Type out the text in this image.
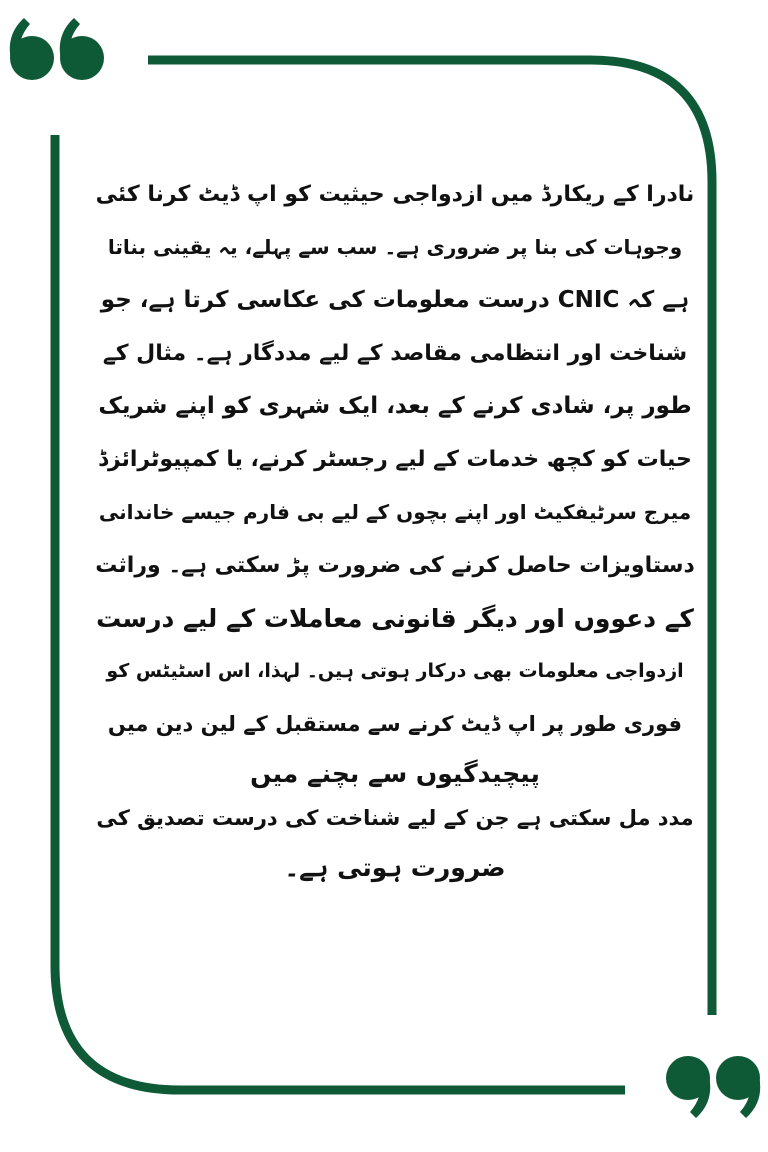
نادرا کے ریکارڈ میں ازدواجی حیثیت کو اپ ڈیٹ کرنا کئی
وجوہات کی بنا پر ضروری ہے۔ سب سے پہلے، یہ یقینی بناتا
ہے کہ CNIC درست معلومات کی عکاسی کرتا ہے، جو
شناخت اور انتظامی مقاصد کے لیے مددگار ہے۔ مثال کے
طور پر، شادی کرنے کے بعد، ایک شہری کو اپنے شریک
حیات کو کچھ خدمات کے لیے رجسٹر کرنے، یا کمپیوٹرائزڈ
میرج سرٹیفکیٹ اور اپنے بچوں کے لیے بی فارم جیسے خاندانی
دستاویزات حاصل کرنے کی ضرورت پڑ سکتی ہے۔ وراثت
کے دعووں اور دیگر قانونی معاملات کے لیے درست
ازدواجی معلومات بھی درکار ہوتی ہیں۔ لہذا، اس اسٹیٹس کو
فوری طور پر اپ ڈیٹ کرنے سے مستقبل کے لین دین میں
پیچیدگیوں سے بچنے میں
مدد مل سکتی ہے جن کے لیے شناخت کی درست تصدیق کی
ضرورت ہوتی ہے۔
